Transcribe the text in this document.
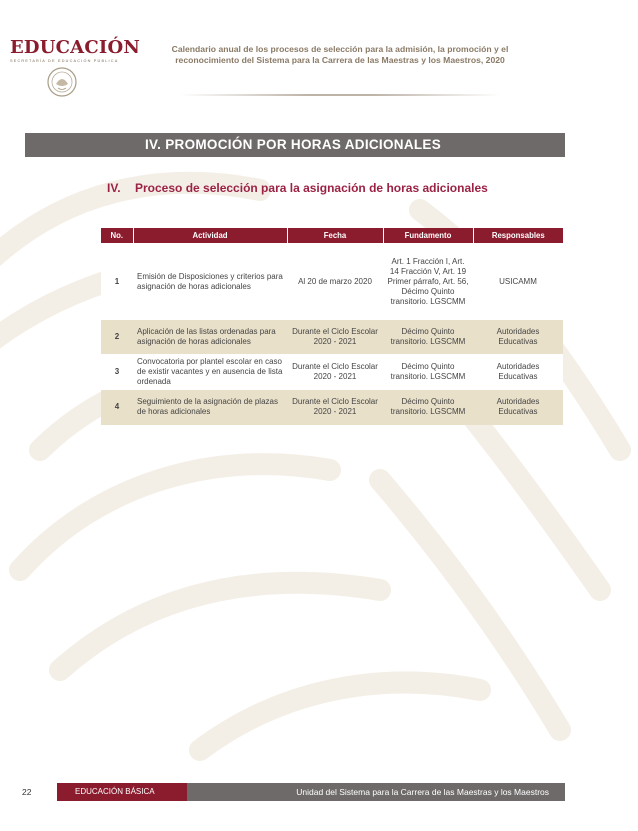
EDUCACIÓN
SECRETARÍA DE EDUCACIÓN PÚBLICA
Calendario anual de los procesos de selección para la admisión, la promoción y el
reconocimiento del Sistema para la Carrera de las Maestras y los Maestros, 2020
IV. PROMOCIÓN POR HORAS ADICIONALES
IV. Proceso de selección para la asignación de horas adicionales
No.	Actividad	Fecha	Fundamento	Responsables
1	Emisión de Disposiciones y criterios para asignación de horas adicionales	Al 20 de marzo 2020	Art. 1 Fracción I, Art. 14 Fracción V, Art. 19 Primer párrafo, Art. 56, Décimo Quinto transitorio. LGSCMM	USICAMM
2	Aplicación de las listas ordenadas para asignación de horas adicionales	Durante el Ciclo Escolar 2020 - 2021	Décimo Quinto transitorio. LGSCMM	Autoridades Educativas
3	Convocatoria por plantel escolar en caso de existir vacantes y en ausencia de lista ordenada	Durante el Ciclo Escolar 2020 - 2021	Décimo Quinto transitorio. LGSCMM	Autoridades Educativas
4	Seguimiento de la asignación de plazas de horas adicionales	Durante el Ciclo Escolar 2020 - 2021	Décimo Quinto transitorio. LGSCMM	Autoridades Educativas
22	EDUCACIÓN BÁSICA	Unidad del Sistema para la Carrera de las Maestras y los Maestros
